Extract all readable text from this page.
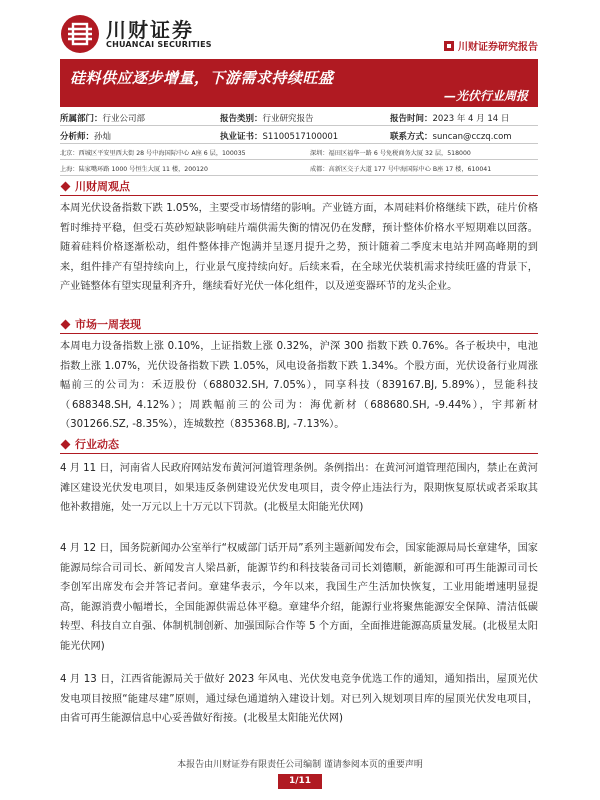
川财证券
CHUANCAI SECURITIES	川财证券研究报告
硅料供应逐步增量，下游需求持续旺盛
—光伏行业周报
所属部门：行业公司部	报告类别：行业研究报告	报告时间：2023 年 4 月 14 日
分析师：孙灿	执业证书：S1100517100001	联系方式：suncan@cczq.com
北京：西城区平安里西大街 28 号中海国际中心 A座 6 层，100035	深圳：福田区福华一路 6 号免税商务大厦 32 层，518000
上海：陆家嘴环路 1000 号恒生大厦 11 楼，200120	成都：高新区交子大道 177 号中海国际中心 B座 17 楼，610041
川财周观点
本周光伏设备指数下跌 1.05%，主要受市场情绪的影响。产业链方面，本周硅料价格继续下跌，硅片价格暂时维持平稳，但受石英砂短缺影响硅片端供需失衡的情况仍在发酵，预计整体价格水平短期难以回落。随着硅料价格逐渐松动，组件整体排产饱满并呈逐月提升之势，预计随着二季度末电站并网高峰期的到来，组件排产有望持续向上，行业景气度持续向好。后续来看，在全球光伏装机需求持续旺盛的背景下，产业链整体有望实现量利齐升，继续看好光伏一体化组件，以及逆变器环节的龙头企业。
市场一周表现
本周电力设备指数上涨 0.10%，上证指数上涨 0.32%，沪深 300 指数下跌 0.76%。各子板块中，电池指数上涨 1.07%，光伏设备指数下跌 1.05%，风电设备指数下跌 1.34%。个股方面，光伏设备行业周涨幅前三的公司为：禾迈股份（688032.SH, 7.05%），同享科技（839167.BJ, 5.89%），昱能科技（688348.SH, 4.12%）；周跌幅前三的公司为：海优新材（688680.SH, -9.44%），宇邦新材（301266.SZ, -8.35%），连城数控（835368.BJ, -7.13%）。
行业动态
4 月 11 日，河南省人民政府网站发布黄河河道管理条例。条例指出：在黄河河道管理范围内，禁止在黄河滩区建设光伏发电项目，如果违反条例建设光伏发电项目，责令停止违法行为，限期恢复原状或者采取其他补救措施，处一万元以上十万元以下罚款。(北极星太阳能光伏网)
4 月 12 日，国务院新闻办公室举行“权威部门话开局”系列主题新闻发布会，国家能源局局长章建华，国家能源局综合司司长、新闻发言人梁昌新，能源节约和科技装备司司长刘德顺，新能源和可再生能源司司长李创军出席发布会并答记者问。章建华表示，今年以来，我国生产生活加快恢复，工业用能增速明显提高，能源消费小幅增长，全国能源供需总体平稳。章建华介绍，能源行业将聚焦能源安全保障、清洁低碳转型、科技自立自强、体制机制创新、加强国际合作等 5 个方面，全面推进能源高质量发展。(北极星太阳能光伏网)
4 月 13 日，江西省能源局关于做好 2023 年风电、光伏发电竞争优选工作的通知，通知指出，屋顶光伏发电项目按照“能建尽建”原则，通过绿色通道纳入建设计划。对已列入规划项目库的屋顶光伏发电项目，由省可再生能源信息中心妥善做好衔接。(北极星太阳能光伏网)
本报告由川财证券有限责任公司编制 谨请参阅本页的重要声明
1/11
